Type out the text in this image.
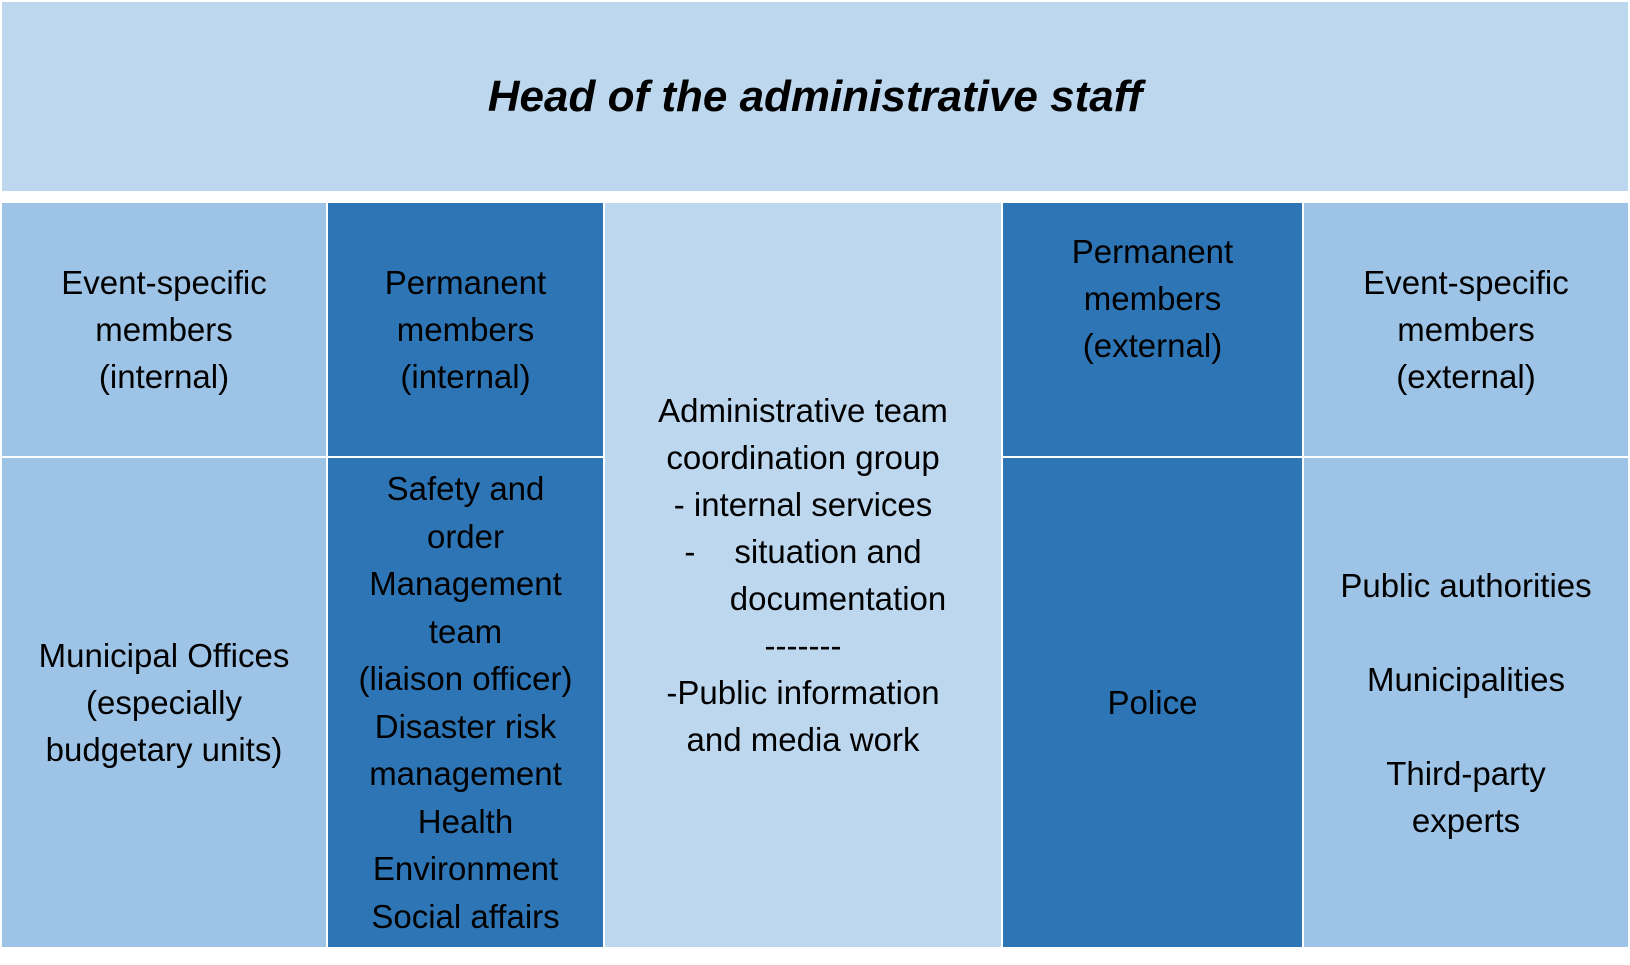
Head of the administrative staff
Event-specific
members
(internal)
Municipal Offices
(especially
budgetary units)
Permanent
members
(internal)
Safety and
order
Management
team
(liaison officer)
Disaster risk
management
Health
Environment
Social affairs
Administrative team
coordination group
- internal services
-	situation and
documentation
-------
-Public information
and media work
Permanent
members
(external)
Police
Event-specific
members
(external)
Public authorities
Municipalities
Third-party
experts
